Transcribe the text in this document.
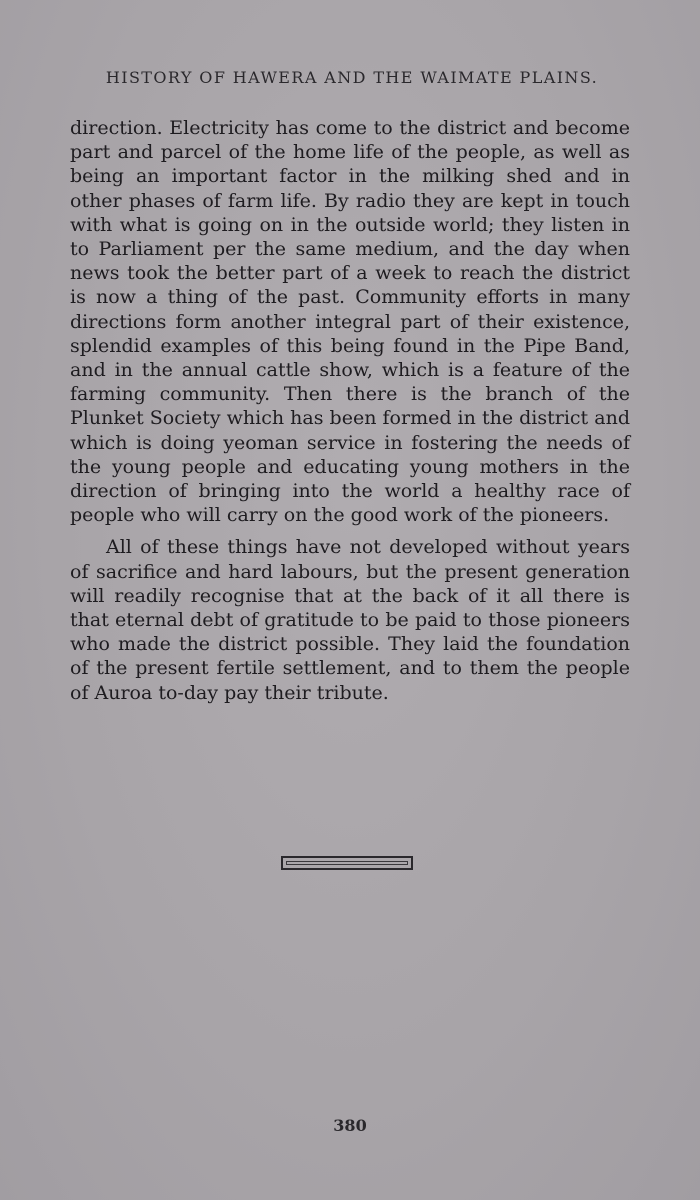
HISTORY OF HAWERA AND THE WAIMATE PLAINS.

direction. Electricity has come to the district and become part and parcel of the home life of the people, as well as being an important factor in the milking shed and in other phases of farm life. By radio they are kept in touch with what is going on in the outside world; they listen in to Parliament per the same medium, and the day when news took the better part of a week to reach the district is now a thing of the past. Community efforts in many directions form another integral part of their existence, splendid examples of this being found in the Pipe Band, and in the annual cattle show, which is a feature of the farming community. Then there is the branch of the Plunket Society which has been formed in the district and which is doing yeoman service in fostering the needs of the young people and educating young mothers in the direction of bringing into the world a healthy race of people who will carry on the good work of the pioneers.

All of these things have not developed without years of sacrifice and hard labours, but the present generation will readily recognise that at the back of it all there is that eternal debt of gratitude to be paid to those pioneers who made the district possible. They laid the foundation of the present fertile settlement, and to them the people of Auroa to-day pay their tribute.

380
